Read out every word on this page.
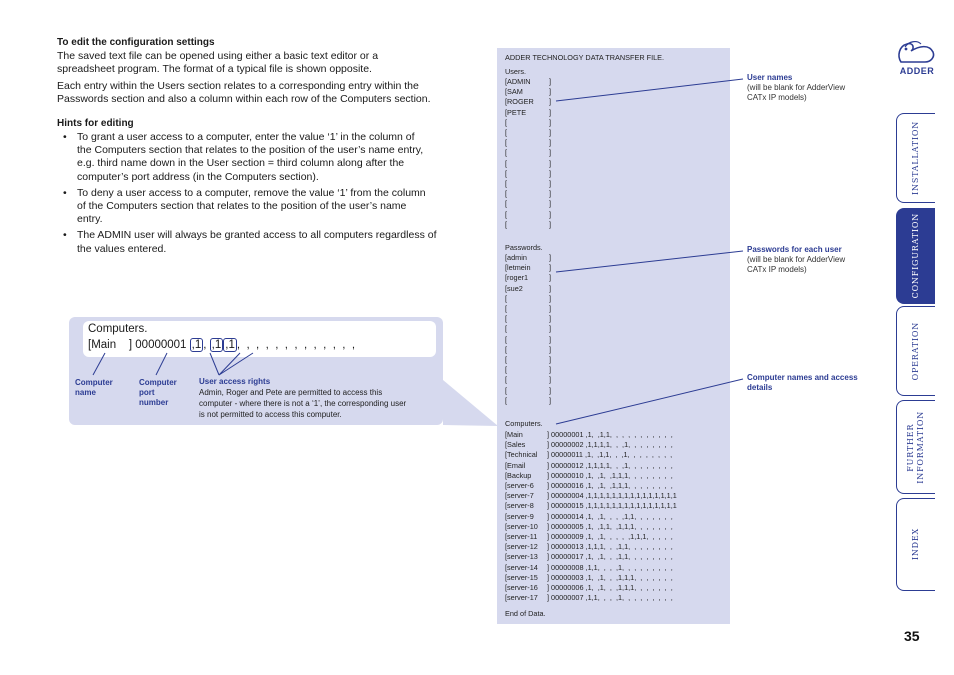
To edit the configuration settings
The saved text file can be opened using either a basic text editor or a
spreadsheet program. The format of a typical file is shown opposite.
Each entry within the Users section relates to a corresponding entry within the
Passwords section and also a column within each row of the Computers section.
Hints for editing
• To grant a user access to a computer, enter the value ‘1’ in the column of
the Computers section that relates to the position of the user’s name entry,
e.g. third name down in the User section = third column along after the
computer’s port address (in the Computers section).
• To deny a user access to a computer, remove the value ‘1’ from the column
of the Computers section that relates to the position of the user’s name
entry.
• The ADMIN user will always be granted access to all computers regardless of
the values entered.
Computers.
[Main    ] 00000001 ,1 , ,1 ,1 ,  ,  ,  ,  ,  ,  ,  ,  ,  ,  ,  ,  ,
Computer
name
Computer
port
number
User access rights
Admin, Roger and Pete are permitted to access this
computer - where there is not a ‘1’, the corresponding user
is not permitted to access this computer.
ADDER TECHNOLOGY DATA TRANSFER FILE.
Users.
[ADMIN	]
[SAM	]
[ROGER ]
[PETE	]
[	]
[	]
[	]
[	]
[	]
[	]
[	]
[	]
[	]
[	]
[	]
Passwords.
[admin	]
[letmein	]
[roger1	]
[sue2	]
[	]
[	]
[	]
[	]
[	]
[	]
[	]
[	]
[	]
[	]
[	]
Computers.
[Main	] 00000001 ,1,  ,1,1,  ,  ,  ,  ,  ,  ,  ,  ,  ,  ,
[Sales	] 00000002 ,1,1,1,1,  ,  ,1,  ,  ,  ,  ,  ,  ,  ,
[Technical ] 00000011 ,1,  ,1,1,  ,  ,1,  ,  ,  ,  ,  ,  ,  ,
[Email	] 00000012 ,1,1,1,1,  ,  ,1,  ,  ,  ,  ,  ,  ,  ,
[Backup ] 00000010 ,1,  ,1,  ,1,1,1,  ,  ,  ,  ,  ,  ,  ,
[server-6 ] 00000016 ,1,  ,1,  ,1,1,1,  ,  ,  ,  ,  ,  ,  ,
[server-7 ] 00000004 ,1,1,1,1,1,1,1,1,1,1,1,1,1,1,1
[server-8 ] 00000015 ,1,1,1,1,1,1,1,1,1,1,1,1,1,1,1
[server-9 ] 00000014 ,1,  ,1,  ,  ,  ,1,1,  ,  ,  ,  ,  ,  ,
[server-10 ] 00000005 ,1,  ,1,1,  ,1,1,1,  ,  ,  ,  ,  ,  ,
[server-11 ] 00000009 ,1,  ,1,  ,  ,  ,  ,1,1,1,  ,  ,  ,  ,
[server-12 ] 00000013 ,1,1,1,  ,  ,1,1,  ,  ,  ,  ,  ,  ,  ,
[server-13 ] 00000017 ,1,  ,1,  ,  ,1,1,  ,  ,  ,  ,  ,  ,  ,
[server-14 ] 00000008 ,1,1,  ,  ,  ,1,  ,  ,  ,  ,  ,  ,  ,  ,
[server-15 ] 00000003 ,1,  ,1,  ,  ,1,1,1,  ,  ,  ,  ,  ,  ,
[server-16 ] 00000006 ,1,  ,1,  ,  ,1,1,1,  ,  ,  ,  ,  ,  ,
[server-17 ] 00000007 ,1,1,  ,  ,  ,1,  ,  ,  ,  ,  ,  ,  ,  ,
End of Data.
User names
(will be blank for AdderView
CATx IP models)
Passwords for each user
(will be blank for AdderView
CATx IP models)
Computer names and access
details
ADDER
INSTALLATION
CONFIGURATION
OPERATION
FURTHER
INFORMATION
INDEX
35
